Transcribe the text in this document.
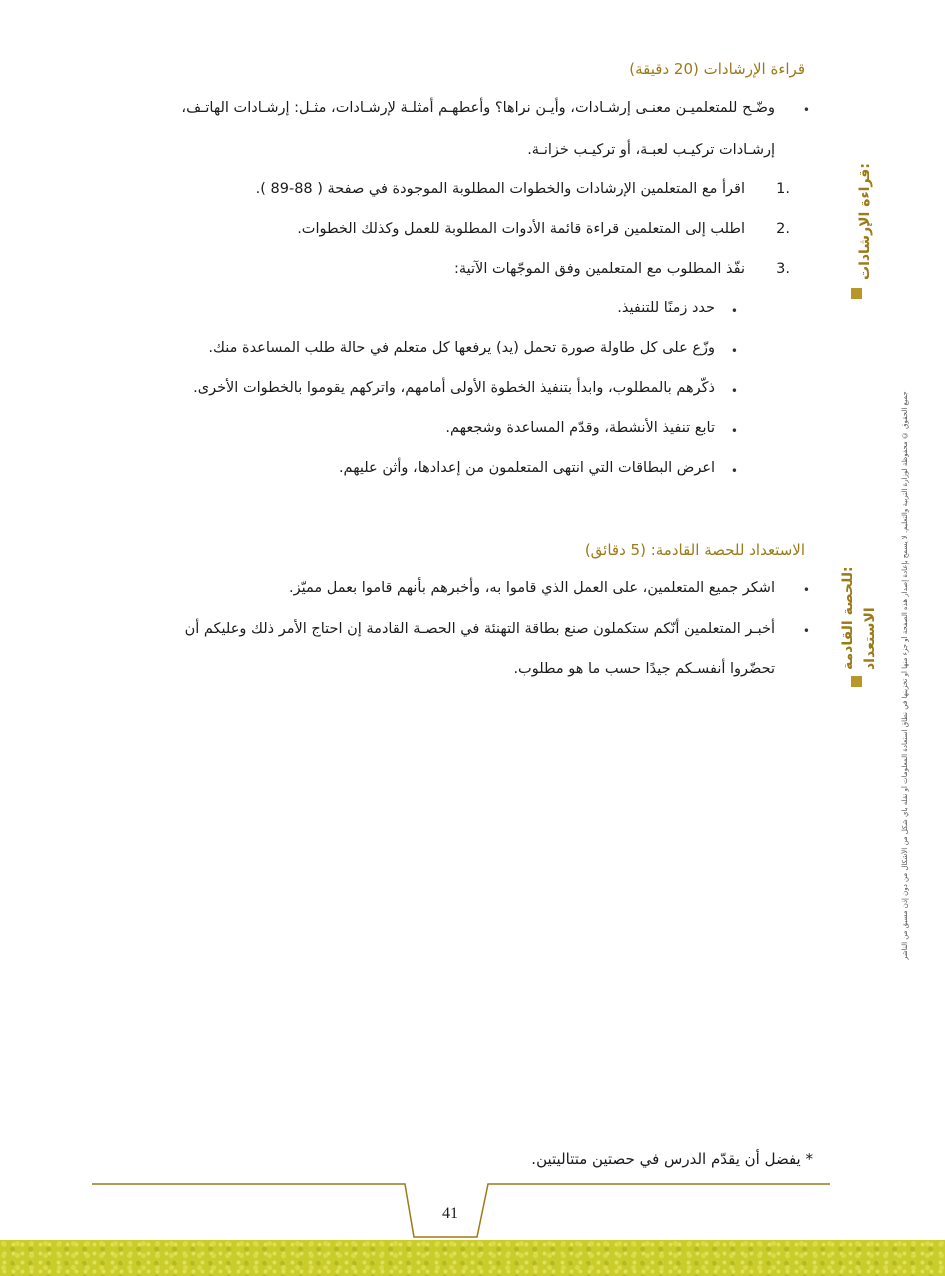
قراءة الإرشادات (20 دقيقة)
•
وضّـح للمتعلميـن معنـى إرشـادات، وأيـن نراها؟ وأعطهـم أمثلـة لإرشـادات، مثـل: إرشـادات الهاتـف،
إرشـادات تركيـب لعبـة، أو تركيـب خزانـة.
1.
اقرأ مع المتعلمين الإرشادات والخطوات المطلوبة الموجودة في صفحة ( 88-89 ).
2.
اطلب إلى المتعلمين قراءة قائمة الأدوات المطلوبة للعمل وكذلك الخطوات.
3.
نفّذ المطلوب مع المتعلمين وفق الموجّهات الآتية:
•
حدد زمنًا للتنفيذ.
•
وزّع على كل طاولة صورة تحمل (يد) يرفعها كل متعلم في حالة طلب المساعدة منك.
•
ذكّرهم بالمطلوب، وابدأ بتنفيذ الخطوة الأولى أمامهم، واتركهم يقوموا بالخطوات الأخرى.
•
تابع تنفيذ الأنشطة، وقدّم المساعدة وشجعهم.
•
اعرض البطاقات التي انتهى المتعلمون من إعدادها، وأثن عليهم.
الاستعداد للحصة القادمة: (5 دقائق)
•
اشكر جميع المتعلمين، على العمل الذي قاموا به، وأخبرهم بأنهم قاموا بعمل مميّز.
•
أخبـر المتعلمين أنّكم ستكملون صنع بطاقة التهنئة في الحصـة القادمة إن احتاج الأمر ذلك وعليكم أن
تحضّروا أنفسـكم جيدًا حسب ما هو مطلوب.
قراءة الإرشادات:
الاستعداد
للحصة القادمة:	جميع الحقوق © محفوظة لوزارة التربية والتعليم. لا يسمح بإعادة إصدار هذه الصفحة أو جزء منها أو تخزينها في نطاق استعادة المعلومات أو نقله بأي شكل من الأشكال من دون إذن مسبق من الناشر
* يفضل أن يقدّم الدرس في حصتين متتاليتين.
41
